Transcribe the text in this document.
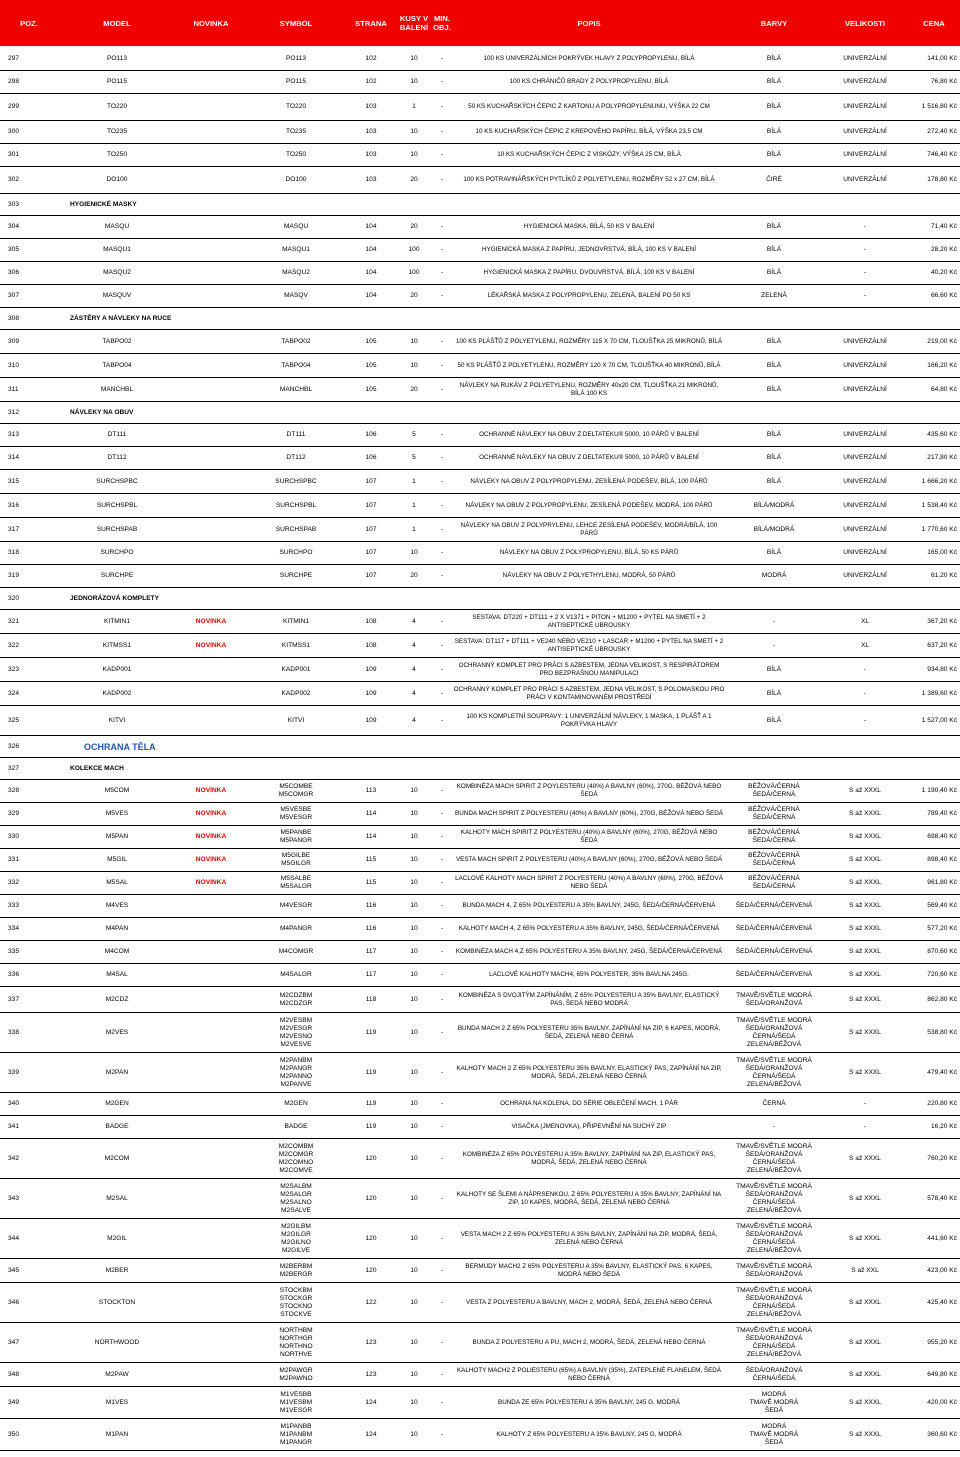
POZ.	MODEL	NOVINKA	SYMBOL	STRANA	KUSY V BALENÍ	MIN. OBJ.	POPIS	BARVY	VELIKOSTI	CENA

297	PO113		PO113	102	10	-	100 KS UNIVERZÁLNÍCH POKRÝVEK HLAVY Z POLYPROPYLENU, BÍLÁ	BÍLÁ	UNIVERZÁLNÍ	141,00 Kč
298	PO115		PO115	102	10	-	100 KS CHRÁNIČŮ BRADY Z POLYPROPYLENU, BÍLÁ	BÍLÁ	UNIVERZÁLNÍ	76,80 Kč
299	TO220		TO220	103	1	-	50 KS KUCHAŘSKÝCH ČEPIC Z KARTONU A POLYPROPYLENUNU, VÝŠKA 22 CM	BÍLÁ	UNIVERZÁLNÍ	1 516,80 Kč
300	TO235		TO235	103	10	-	10 KS KUCHAŘSKÝCH ČEPIC Z KREPOVÉHO PAPÍRU, BÍLÁ, VÝŠKA 23,5 CM	BÍLÁ	UNIVERZÁLNÍ	272,40 Kč
301	TO250		TO250	103	10	-	10 KS KUCHAŘSKÝCH ČEPIC Z VISKÓZY, VÝŠKA 25 CM, BÍLÁ	BÍLÁ	UNIVERZÁLNÍ	746,40 Kč
302	DO100		DO100	103	20	-	100 KS POTRAVINÁŘSKÝCH PYTLÍKŮ Z POLYETYLENU, ROZMĚRY 52 x 27 CM, BÍLÁ	ČIRÉ	UNIVERZÁLNÍ	178,80 Kč
303	HYGIENICKÉ MASKY									
304	MASQU		MASQU	104	20	-	HYGIENICKÁ MASKA, BÍLÁ, 50 KS V BALENÍ	BÍLÁ	-	71,40 Kč
305	MASQU1		MASQU1	104	100	-	HYGIENICKÁ MASKA Z PAPÍRU, JEDNOVRSTVÁ, BÍLÁ, 100 KS V BALENÍ	BÍLÁ	-	28,20 Kč
306	MASQU2		MASQU2	104	100	-	HYGIENICKÁ MASKA Z PAPÍRU, DVOUVRSTVÁ, BÍLÁ, 100 KS V BALENÍ	BÍLÁ	-	40,20 Kč
307	MASQUV		MASQV	104	20	-	LÉKAŘSKÁ MASKA Z POLYPROPYLENU, ZELENÁ, BALENÍ PO 50 KS	ZELENÁ	-	66,60 Kč
308	ZÁSTĚRY A NÁVLEKY NA RUCE									
309	TABPO02		TABPO02	105	10	-	100 KS PLÁŠŤŮ Z POLYETYLENU, ROZMĚRY 115 X 70 CM, TLOUŠŤKA 25 MIKRONŮ, BÍLÁ	BÍLÁ	UNIVERZÁLNÍ	219,00 Kč
310	TABPO04		TABPO04	105	10	-	50 KS PLÁŠŤŮ Z POLYETYLENU, ROZMĚRY 120 X 70 CM, TLOUŠŤKA 40 MIKRONŮ, BÍLÁ	BÍLÁ	UNIVERZÁLNÍ	166,20 Kč
311	MANCHBL		MANCHBL	105	20	-	NÁVLEKY NA RUKÁV Z POLYETYLENU, ROZMĚRY 40x20 CM, TLOUŠŤKA 21 MIKRONŮ, BÍLÁ 100 KS	BÍLÁ	UNIVERZÁLNÍ	64,80 Kč
312	NÁVLEKY NA OBUV									
313	DT111		DT111	106	5	-	OCHRANNÉ NÁVLEKY NA OBUV Z DELTATEKU® 5000, 10 PÁRŮ V BALENÍ	BÍLÁ	UNIVERZÁLNÍ	435,60 Kč
314	DT112		DT112	106	5	-	OCHRANNÉ NÁVLEKY NA OBUV Z DELTATEKU® 5000, 10 PÁRŮ V BALENÍ	BÍLÁ	UNIVERZÁLNÍ	217,80 Kč
315	SURCHSPBC		SURCHSPBC	107	1	-	NÁVLEKY NA OBUV Z POLYPROPYLENU, ZESÍLENÁ PODEŠEV, BÍLÁ, 100 PÁRŮ	BÍLÁ	UNIVERZÁLNÍ	1 666,20 Kč
316	SURCHSPBL		SURCHSPBL	107	1	-	NÁVLEKY NA OBUV Z POLYPROPYLENU, ZESÍLENÁ PODEŠEV, MODRÁ, 100 PÁRŮ	BÍLÁ/MODRÁ	UNIVERZÁLNÍ	1 538,40 Kč
317	SURCHSPAB		SURCHSPAB	107	1	-	NÁVLEKY NA OBUV Z POLYPRYLENU, LEHCE ZESÍLENÁ PODEŠEV, MODRÁ/BÍLÁ, 100 PÁRŮ	BÍLÁ/MODRÁ	UNIVERZÁLNÍ	1 770,60 Kč
318	SURCHPO		SURCHPO	107	10	-	NÁVLEKY NA OBUV Z POLYPROPYLENU, BÍLÁ, 50 KS PÁRŮ	BÍLÁ	UNIVERZÁLNÍ	165,00 Kč
319	SURCHPE		SURCHPE	107	20	-	NÁVLEKY NA OBUV Z POLYETHYLENU, MODRÁ, 50 PÁRŮ	MODRÁ	UNIVERZÁLNÍ	61,20 Kč
320	JEDNORÁZOVÁ KOMPLETY									
321	KITMIN1	NOVINKA	KITMIN1	108	4	-	SESTAVA: DT220 + DT111 + 2 X V1371 + PITON + M1200 + PYTEL NA SMETÍ + 2 ANTISEPTICKÉ UBROUSKY	-	XL	367,20 Kč
322	KITMSS1	NOVINKA	KITMSS1	108	4	-	SESTAVA: DT117 + DT111 + VE240 NEBO VE210 + LASCAR + M1200 + PYTEL NA SMETÍ + 2 ANTISEPTICKÉ UBROUSKY	-	XL	637,20 Kč
323	KADP001		KADP001	109	4	-	OCHRANNÝ KOMPLET PRO PRÁCI S AZBESTEM, JEDNA VELIKOST, S RESPIRÁTOREM PRO BEZPRAŠNOU MANIPULACI	BÍLÁ	-	934,80 Kč
324	KADP002		KADP002	109	4	-	OCHRANNÝ KOMPLET PRO PRÁCI S AZBESTEM, JEDNA VELIKOST, S POLOMASKOU PRO PRÁCI V KONTAMINOVANÉM PROSTŘEDÍ	BÍLÁ	-	1 389,60 Kč
325	KITVI		KITVI	109	4	-	100 KS KOMPLETNÍ SOUPRAVY: 1 UNIVERZÁLNÍ NÁVLEKY, 1 MASKA, 1 PLÁŠŤ A 1 POKRÝVKA HLAVY	BÍLÁ	-	1 527,00 Kč
326	OCHRANA TĚLA									
327	KOLEKCE MACH									
328	M5COM	NOVINKA	M5COMBE
M5COMGR	113	10	-	KOMBINÉZA MACH SPIRIT Z POYLESTERU (40%) A BAVLNY (60%), 270G, BÉŽOVÁ NEBO ŠEDÁ	BÉŽOVÁ/ČERNÁ
ŠEDÁ/ČERNÁ	S až XXXL	1 190,40 Kč
329	M5VES	NOVINKA	M5VESBE
M5VESGR	114	10	-	BUNDA MACH SPIRIT Z POLYESTERU (40%) A BAVLNY (60%), 270G, BÉŽOVÁ NEBO ŠEDÁ	BÉŽOVÁ/ČERNÁ
ŠEDÁ/ČERNÁ	S až XXXL	789,40 Kč
330	M5PAN	NOVINKA	M5PANBE
M5PANGR	114	10	-	KALHOTY MACH SPIRIT Z POLYESTERU (40%) A BAVLNY (60%), 270G, BÉŽOVÁ NEBO ŠEDÁ	BÉŽOVÁ/ČERNÁ
ŠEDÁ/ČERNÁ	S až XXXL	698,40 Kč
331	M5GIL	NOVINKA	M5GILBE
M5GILGR	115	10	-	VESTA MACH SPIRIT Z POLYESTERU (40%) A BAVLNY (60%), 270G, BÉŽOVÁ NEBO ŠEDÁ	BÉŽOVÁ/ČERNÁ
ŠEDÁ/ČERNÁ	S až XXXL	898,40 Kč
332	M5SAL	NOVINKA	M5SALBE
M5SALGR	115	10	-	LACLOVÉ KALHOTY MACH SPIRIT Z POLYESTERU (40%) A BAVLNY (60%), 270G, BÉŽOVÁ NEBO ŠEDÁ	BÉŽOVÁ/ČERNÁ
ŠEDÁ/ČERNÁ	S až XXXL	961,80 Kč
333	M4VES		M4VESGR	116	10	-	BUNDA MACH 4, Z 65% POLYESTERU A 35% BAVLNY, 245G, ŠEDÁ/ČERNÁ/ČERVENÁ	ŠEDÁ/ČERNÁ/ČERVENÁ	S až XXXL	569,40 Kč
334	M4PAN		M4PANGR	116	10	-	KALHOTY MACH 4, Z 65% POLYESTERU A 35% BAVLNY, 245G, ŠEDÁ/ČERNÁ/ČERVENÁ	ŠEDÁ/ČERNÁ/ČERVENÁ	S až XXXL	577,20 Kč
335	M4COM		M4COMGR	117	10	-	KOMBINÉZA MACH 4,Z 65% POLYESTERU A 35% BAVLNY, 245G, ŠEDÁ/ČERNÁ/ČERVENÁ	ŠEDÁ/ČERNÁ/ČERVENÁ	S až XXXL	870,60 Kč
336	M4SAL		M4SALGR	117	10	-	LACLOVÉ KALHOTY MACH4, 65% POLYESTER, 35% BAVLNA 245G.	ŠEDÁ/ČERNÁ/ČERVENÁ	S až XXXL	720,60 Kč
337	M2CDZ		M2CDZBM
M2CDZGR	118	10	-	KOMBINÉZA S DVOJITÝM ZAPÍNÁNÍM, Z 65% POLYESTERU A 35% BAVLNY, ELASTICKÝ PAS, ŠEDÁ NEBO MODRÁ	TMAVĚ/SVĚTLE MODRÁ
ŠEDÁ/ORANŽOVÁ	S až XXXL	862,80 Kč
338	M2VES		M2VESBM
M2VESGR
M2VESNO
M2VESVE	119	10	-	BUNDA MACH 2 Z 65% POLYESTERU 35% BAVLNY, ZAPÍNÁNÍ NA ZIP, 6 KAPES, MODRÁ, ŠEDÁ, ZELENÁ NEBO ČERNÁ	TMAVĚ/SVĚTLE MODRÁ
ŠEDÁ/ORANŽOVÁ
ČERNÁ/ŠEDÁ
ZELENÁ/BÉŽOVÁ	S až XXXL	538,80 Kč
339	M2PAN		M2PANBM
M2PANGR
M2PANNO
M2PANVE	119	10	-	KALHOTY MACH 2 Z 65% POLYESTERU 35% BAVLNY, ELASTICKÝ PAS, ZAPÍNÁNÍ NA ZIP, MODRÁ, ŠEDÁ, ZELENÁ NEBO ČERNÁ	TMAVĚ/SVĚTLE MODRÁ
ŠEDÁ/ORANŽOVÁ
ČERNÁ/ŠEDÁ
ZELENÁ/BÉŽOVÁ	S až XXXL	479,40 Kč
340	M2GEN		M2GEN	119	10	-	OCHRANA NA KOLENA, DO SÉRIE OBLEČENÍ MACH, 1 PÁR	ČERNÁ	-	220,80 Kč
341	BADGE		BADGE	119	10	-	VISAČKA (JMENOVKA), PŘIPEVNĚNÍ NA SUCHÝ ZIP	-	-	16,20 Kč
342	M2COM		M2COMBM
M2COMGR
M2COMNO
M2COMVE	120	10	-	KOMBINÉZA Z 65% POLYESTERU A 35% BAVLNY, ZAPÍNÁNÍ NA ZIP, ELASTICKÝ PAS, MODRÁ, ŠEDÁ, ZELENÁ NEBO ČERNÁ	TMAVĚ/SVĚTLE MODRÁ
ŠEDÁ/ORANŽOVÁ
ČERNÁ/ŠEDÁ
ZELENÁ/BÉŽOVÁ	S až XXXL	760,20 Kč
343	M2SAL		M2SALBM
M2SALGR
M2SALNO
M2SALVE	120	10	-	KALHOTY SE ŠLEMI A NÁPRSENKOU, Z 65% POLYESTERU A 35% BAVLNY, ZAPÍNÁNÍ NA ZIP, 10 KAPES, MODRÁ, ŠEDÁ, ZELENÁ NEBO ČERNÁ	TMAVĚ/SVĚTLE MODRÁ
ŠEDÁ/ORANŽOVÁ
ČERNÁ/ŠEDÁ
ZELENÁ/BÉŽOVÁ	S až XXXL	578,40 Kč
344	M2GIL		M2GILBM
M2GILGR
M2GILNO
M2GILVE	120	10	-	VESTA MACH 2 Z 65% POLYESTERU A 35% BAVLNY, ZAPÍNÁNÍ NA ZIP, MODRÁ, ŠEDÁ, ZELENÁ NEBO ČERNÁ	TMAVĚ/SVĚTLE MODRÁ
ŠEDÁ/ORANŽOVÁ
ČERNÁ/ŠEDÁ
ZELENÁ/BÉŽOVÁ	S až XXXL	441,60 Kč
345	M2BER		M2BERBM
M2BERGR	120	10	-	BERMUDY MACH2 Z 65% POLYESTERU A 35% BAVLNY, ELASTICKÝ PAS, 6 KAPES, MODRÁ NEBO ŠEDÁ	TMAVĚ/SVĚTLE MODRÁ
ŠEDÁ/ORANŽOVÁ	S až XXL	423,00 Kč
346	STOCKTON		STOCKBM
STOCKGR
STOCKNO
STOCKVE	122	10	-	VESTA Z POLYESTERU A BAVLNY, MACH 2, MODRÁ, ŠEDÁ, ZELENÁ NEBO ČERNÁ	TMAVĚ/SVĚTLE MODRÁ
ŠEDÁ/ORANŽOVÁ
ČERNÁ/ŠEDÁ
ZELENÁ/BÉŽOVÁ	S až XXXL	425,40 Kč
347	NORTHWOOD		NORTHBM
NORTHGR
NORTHNO
NORTHVE	123	10	-	BUNDA Z POLYESTERU A PU, MACH 2, MODRÁ, ŠEDÁ, ZELENÁ NEBO ČERNÁ	TMAVĚ/SVĚTLE MODRÁ
ŠEDÁ/ORANŽOVÁ
ČERNÁ/ŠEDÁ
ZELENÁ/BÉŽOVÁ	S až XXXL	955,20 Kč
348	M2PAW		M2PAWGR
M2PAWNO	123	10	-	KALHOTY MACH2 Z POLIESTERU (65%) A BAVLNY (35%), ZATEPLENÉ FLANELEM, ŠEDÁ NEBO ČERNÁ	ŠEDÁ/ORANŽOVÁ
ČERNÁ/ŠEDÁ	S až XXXL	649,80 Kč
349	M1VES		M1VESBB
M1VESBM
M1VESGR	124	10	-	BUNDA ZE 65% POLYESTERU A 35% BAVLNY, 245 G, MODRÁ	MODRÁ
TMAVĚ MODRÁ
ŠEDÁ	S až XXXL	420,00 Kč
350	M1PAN		M1PANBB
M1PANBM
M1PANGR	124	10	-	KALHOTY Z 65% POLYESTERU A 35% BAVLNY, 245 G, MODRÁ	MODRÁ
TMAVĚ MODRÁ
ŠEDÁ	S až XXXL	360,60 Kč
